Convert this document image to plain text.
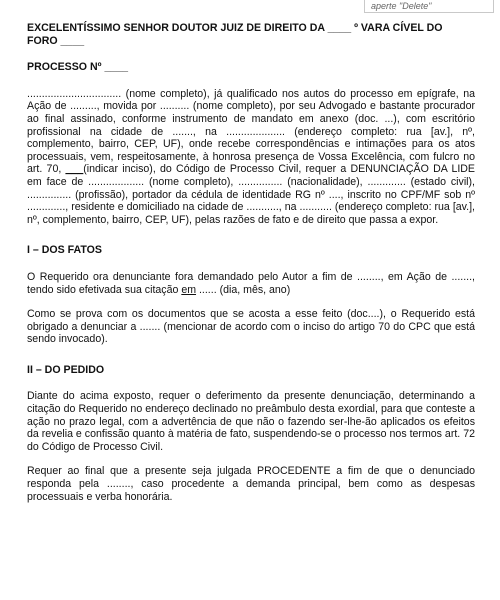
aperte "Delete"

EXCELENTÍSSIMO SENHOR DOUTOR JUIZ DE DIREITO DA ____ º VARA CÍVEL DO FORO ____

PROCESSO Nº ____

................................ (nome completo), já qualificado nos autos do processo em epígrafe, na Ação de ........., movida por .......... (nome completo), por seu Advogado e bastante procurador ao final assinado, conforme instrumento de mandato em anexo (doc. ...), com escritório profissional na cidade de ......., na .................... (endereço completo: rua [av.], nº, complemento, bairro, CEP, UF), onde recebe correspondências e intimações para os atos processuais, vem, respeitosamente, à honrosa presença de Vossa Excelência, com fulcro no art. 70, ___(indicar inciso), do Código de Processo Civil, requer a DENUNCIAÇÃO DA LIDE em face de ................... (nome completo), ............... (nacionalidade), ............. (estado civil), ............... (profissão), portador da cédula de identidade RG nº ...., inscrito no CPF/MF sob nº ............., residente e domiciliado na cidade de ..........., na ........... (endereço completo: rua [av.], nº, complemento, bairro, CEP, UF), pelas razões de fato e de direito que passa a expor.

I – DOS FATOS

O Requerido ora denunciante fora demandado pelo Autor a fim de ........, em Ação de ......., tendo sido efetivada sua citação em ...... (dia, mês, ano)

Como se prova com os documentos que se acosta a esse feito (doc....), o Requerido está obrigado a denunciar a ....... (mencionar de acordo com o inciso do artigo 70 do CPC que está sendo invocado).

II – DO PEDIDO

Diante do acima exposto, requer o deferimento da presente denunciação, determinando a citação do Requerido no endereço declinado no preâmbulo desta exordial, para que conteste a ação no prazo legal, com a advertência de que não o fazendo ser-lhe-ão aplicados os efeitos da revelia e confissão quanto à matéria de fato, suspendendo-se o processo nos termos art. 72 do Código de Processo Civil.

Requer ao final que a presente seja julgada PROCEDENTE a fim de que o denunciado responda pela ........, caso procedente a demanda principal, bem como as despesas processuais e verba honorária.
